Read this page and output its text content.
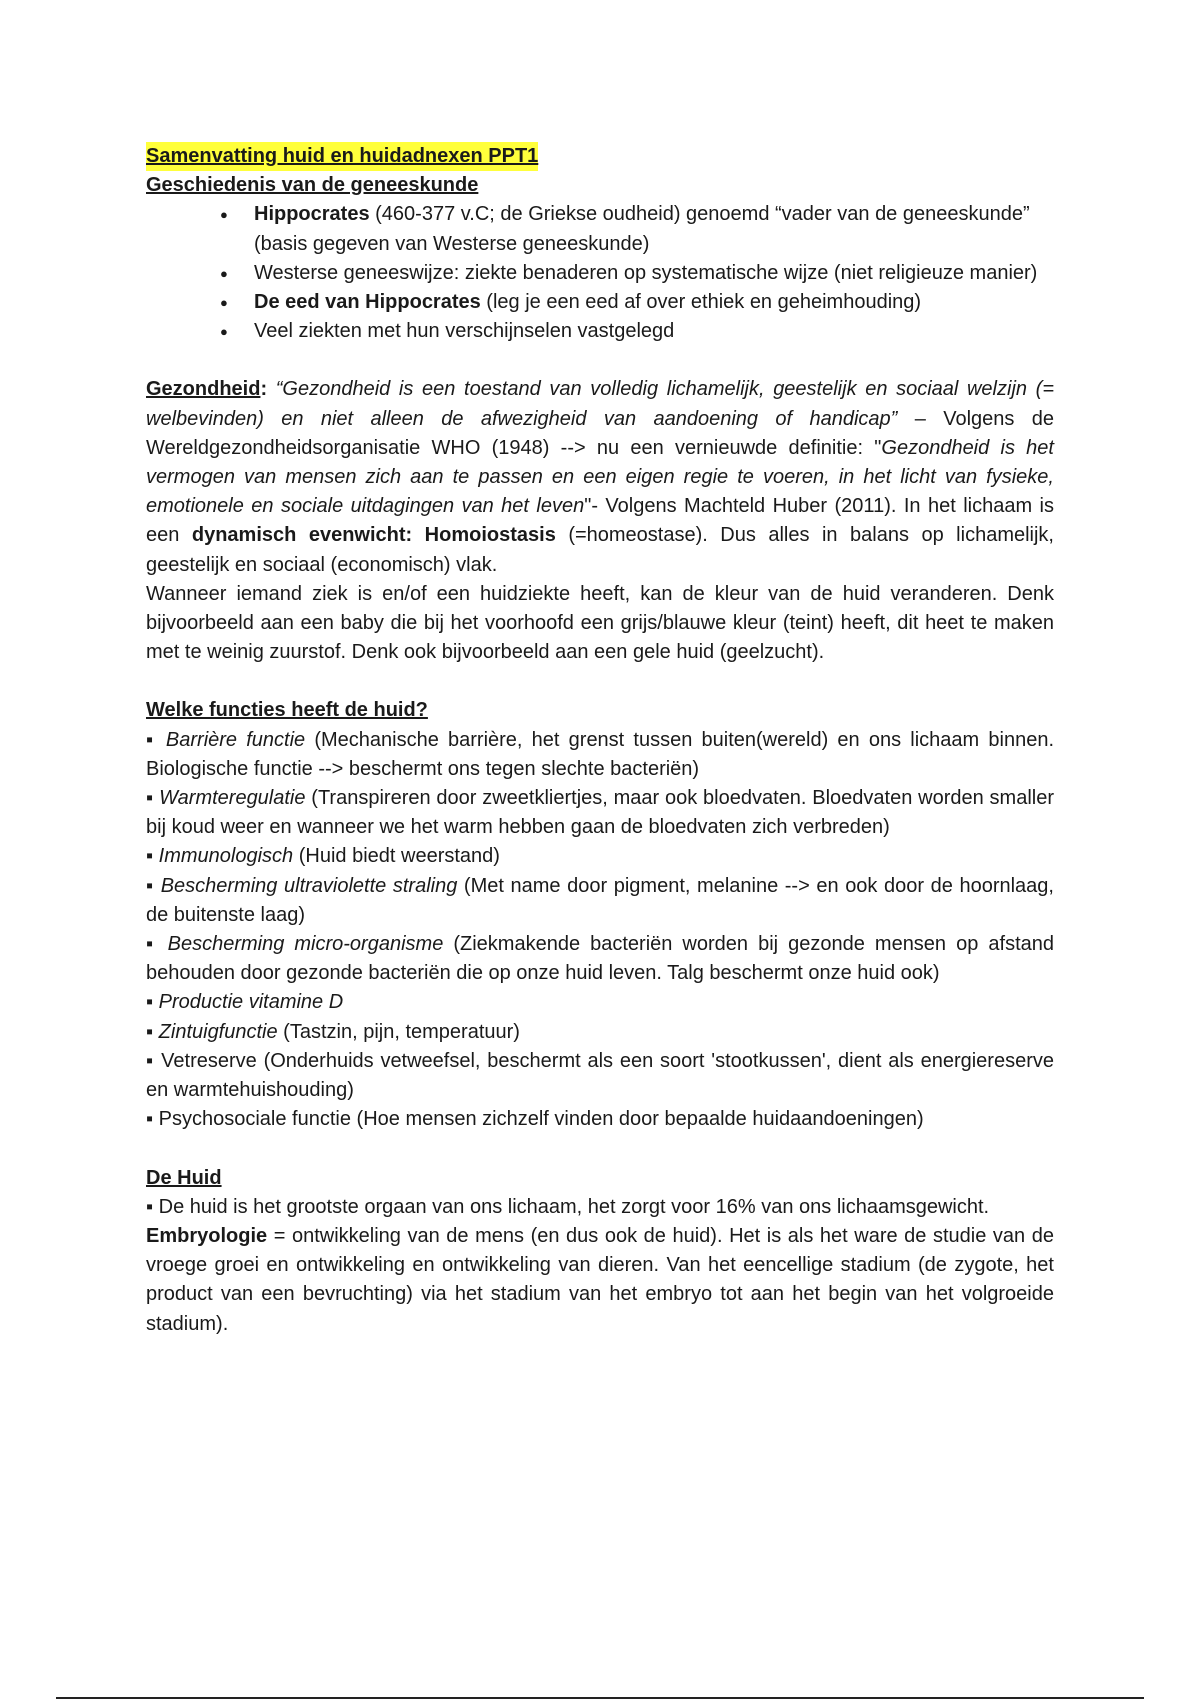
Samenvatting huid en huidadnexen PPT1
Geschiedenis van de geneeskunde
● Hippocrates (460-377 v.C; de Griekse oudheid) genoemd “vader van de geneeskunde” (basis gegeven van Westerse geneeskunde)
● Westerse geneeswijze: ziekte benaderen op systematische wijze (niet religieuze manier)
● De eed van Hippocrates (leg je een eed af over ethiek en geheimhouding)
● Veel ziekten met hun verschijnselen vastgelegd
Gezondheid: “Gezondheid is een toestand van volledig lichamelijk, geestelijk en sociaal welzijn (= welbevinden) en niet alleen de afwezigheid van aandoening of handicap” – Volgens de Wereldgezondheidsorganisatie WHO (1948) --> nu een vernieuwde definitie: "Gezondheid is het vermogen van mensen zich aan te passen en een eigen regie te voeren, in het licht van fysieke, emotionele en sociale uitdagingen van het leven"- Volgens Machteld Huber (2011). In het lichaam is een dynamisch evenwicht: Homoiostasis (=homeostase). Dus alles in balans op lichamelijk, geestelijk en sociaal (economisch) vlak.
Wanneer iemand ziek is en/of een huidziekte heeft, kan de kleur van de huid veranderen. Denk bijvoorbeeld aan een baby die bij het voorhoofd een grijs/blauwe kleur (teint) heeft, dit heet te maken met te weinig zuurstof. Denk ook bijvoorbeeld aan een gele huid (geelzucht).
Welke functies heeft de huid?
▪ Barrière functie (Mechanische barrière, het grenst tussen buiten(wereld) en ons lichaam binnen. Biologische functie --> beschermt ons tegen slechte bacteriën)
▪ Warmteregulatie (Transpireren door zweetkliertjes, maar ook bloedvaten. Bloedvaten worden smaller bij koud weer en wanneer we het warm hebben gaan de bloedvaten zich verbreden)
▪ Immunologisch (Huid biedt weerstand)
▪ Bescherming ultraviolette straling (Met name door pigment, melanine --> en ook door de hoornlaag, de buitenste laag)
▪ Bescherming micro-organisme (Ziekmakende bacteriën worden bij gezonde mensen op afstand behouden door gezonde bacteriën die op onze huid leven. Talg beschermt onze huid ook)
▪ Productie vitamine D
▪ Zintuigfunctie (Tastzin, pijn, temperatuur)
▪ Vetreserve (Onderhuids vetweefsel, beschermt als een soort 'stootkussen', dient als energiereserve en warmtehuishouding)
▪ Psychosociale functie (Hoe mensen zichzelf vinden door bepaalde huidaandoeningen)
De Huid
▪ De huid is het grootste orgaan van ons lichaam, het zorgt voor 16% van ons lichaamsgewicht.
Embryologie = ontwikkeling van de mens (en dus ook de huid). Het is als het ware de studie van de vroege groei en ontwikkeling en ontwikkeling van dieren. Van het eencellige stadium (de zygote, het product van een bevruchting) via het stadium van het embryo tot aan het begin van het volgroeide stadium).
